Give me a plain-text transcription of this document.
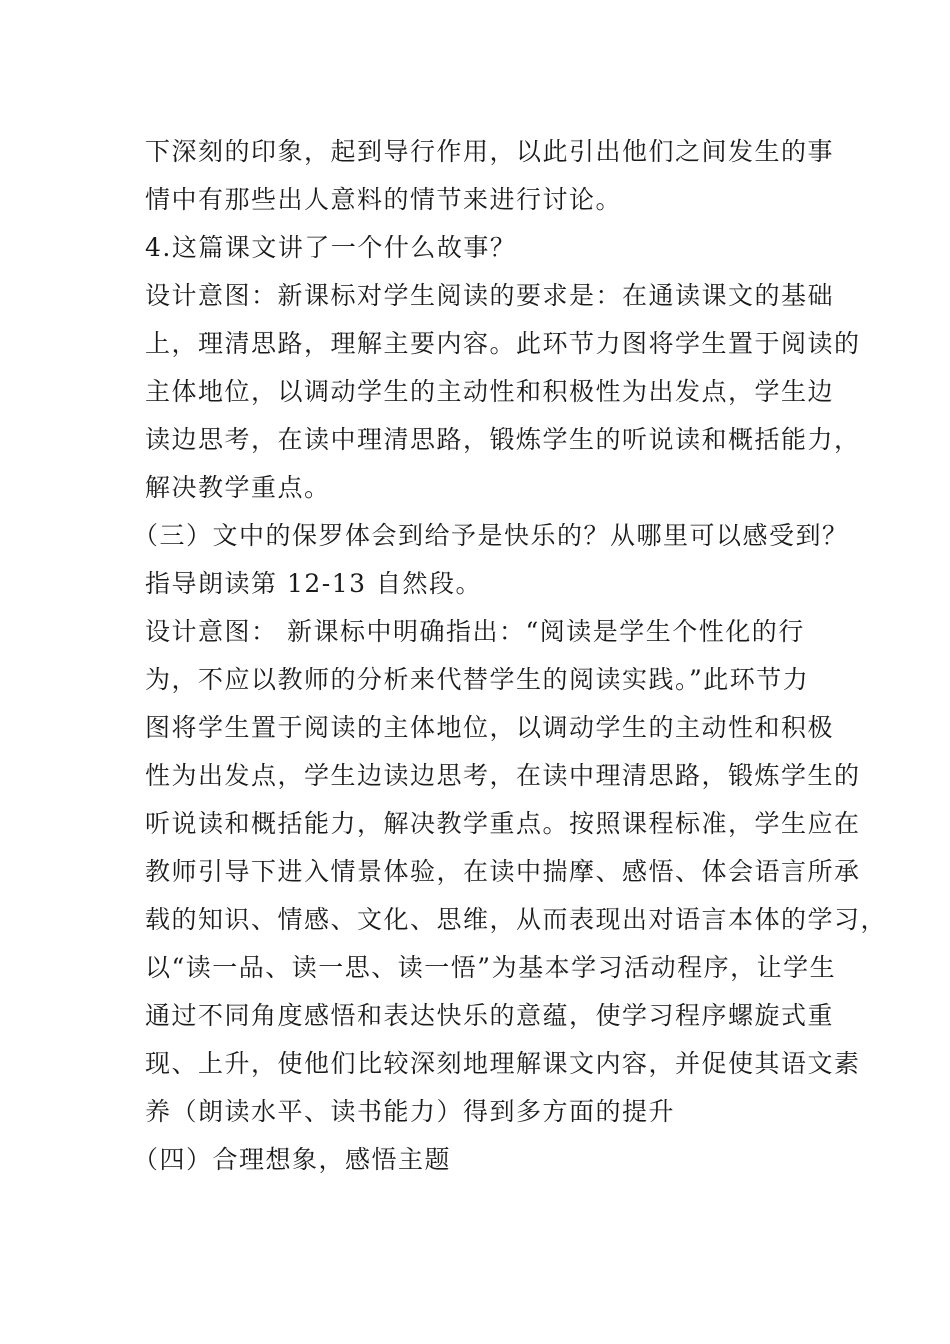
下深刻的印象，起到导行作用，以此引出他们之间发生的事
情中有那些出人意料的情节来进行讨论。
4.这篇课文讲了一个什么故事？
设计意图：新课标对学生阅读的要求是：在通读课文的基础
上，理清思路，理解主要内容。此环节力图将学生置于阅读的
主体地位，以调动学生的主动性和积极性为出发点，学生边
读边思考，在读中理清思路，锻炼学生的听说读和概括能力，
解决教学重点。
（三）文中的保罗体会到给予是快乐的？从哪里可以感受到？
指导朗读第 12-13 自然段。
设计意图： 新课标中明确指出：“阅读是学生个性化的行
为，不应以教师的分析来代替学生的阅读实践。”此环节力
图将学生置于阅读的主体地位，以调动学生的主动性和积极
性为出发点，学生边读边思考，在读中理清思路，锻炼学生的
听说读和概括能力，解决教学重点。按照课程标准，学生应在
教师引导下进入情景体验，在读中揣摩、感悟、体会语言所承
载的知识、情感、文化、思维，从而表现出对语言本体的学习，
以“读一品、读一思、读一悟”为基本学习活动程序，让学生
通过不同角度感悟和表达快乐的意蕴，使学习程序螺旋式重
现、上升，使他们比较深刻地理解课文内容，并促使其语文素
养（朗读水平、读书能力）得到多方面的提升
（四）合理想象，感悟主题
